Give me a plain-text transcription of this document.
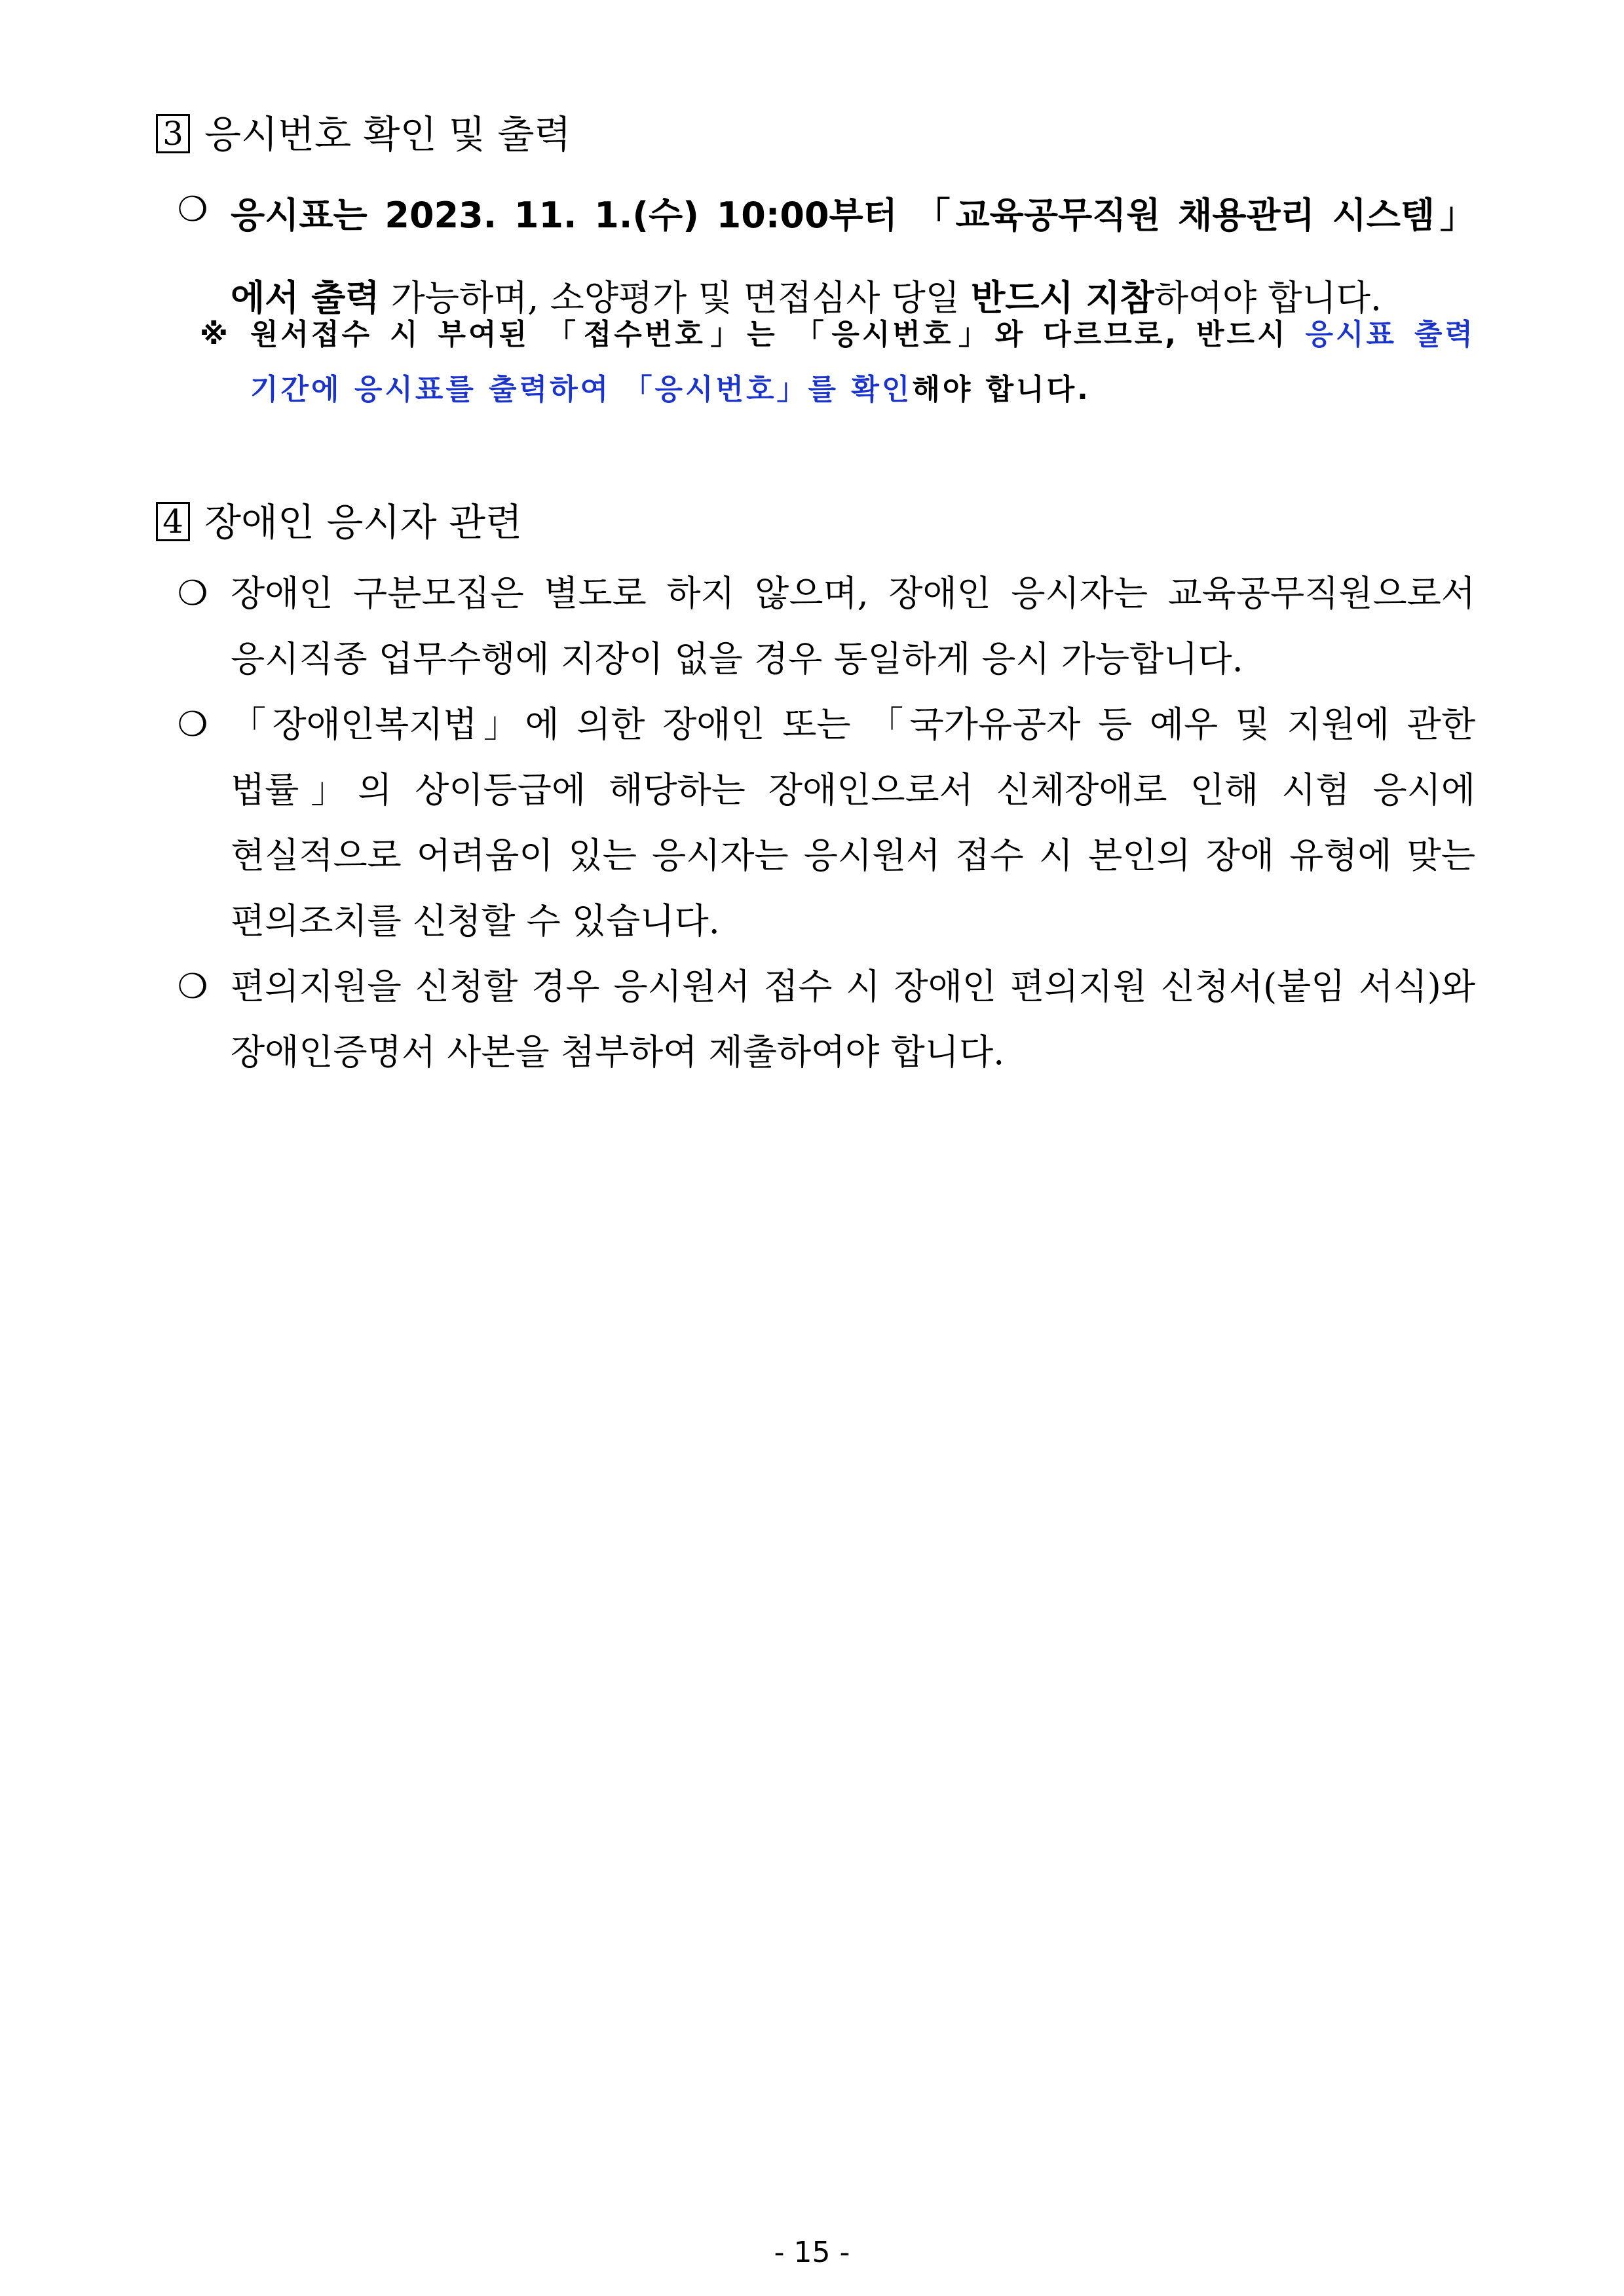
3 응시번호 확인 및 출력
❍ 응시표는 2023. 11. 1.(수) 10:00부터 「교육공무직원 채용관리 시스템」에서 출력 가능하며, 소양평가 및 면접심사 당일 반드시 지참하여야 합니다.
※ 원서접수 시 부여된 「접수번호」는 「응시번호」와 다르므로, 반드시 응시표 출력 기간에 응시표를 출력하여 「응시번호」를 확인해야 합니다.
4 장애인 응시자 관련
❍ 장애인 구분모집은 별도로 하지 않으며, 장애인 응시자는 교육공무직원으로서 응시직종 업무수행에 지장이 없을 경우 동일하게 응시 가능합니다.
❍ 「장애인복지법」에 의한 장애인 또는 「국가유공자 등 예우 및 지원에 관한 법률」의 상이등급에 해당하는 장애인으로서 신체장애로 인해 시험 응시에 현실적으로 어려움이 있는 응시자는 응시원서 접수 시 본인의 장애 유형에 맞는 편의조치를 신청할 수 있습니다.
❍ 편의지원을 신청할 경우 응시원서 접수 시 장애인 편의지원 신청서(붙임 서식)와 장애인증명서 사본을 첨부하여 제출하여야 합니다.
- 15 -
